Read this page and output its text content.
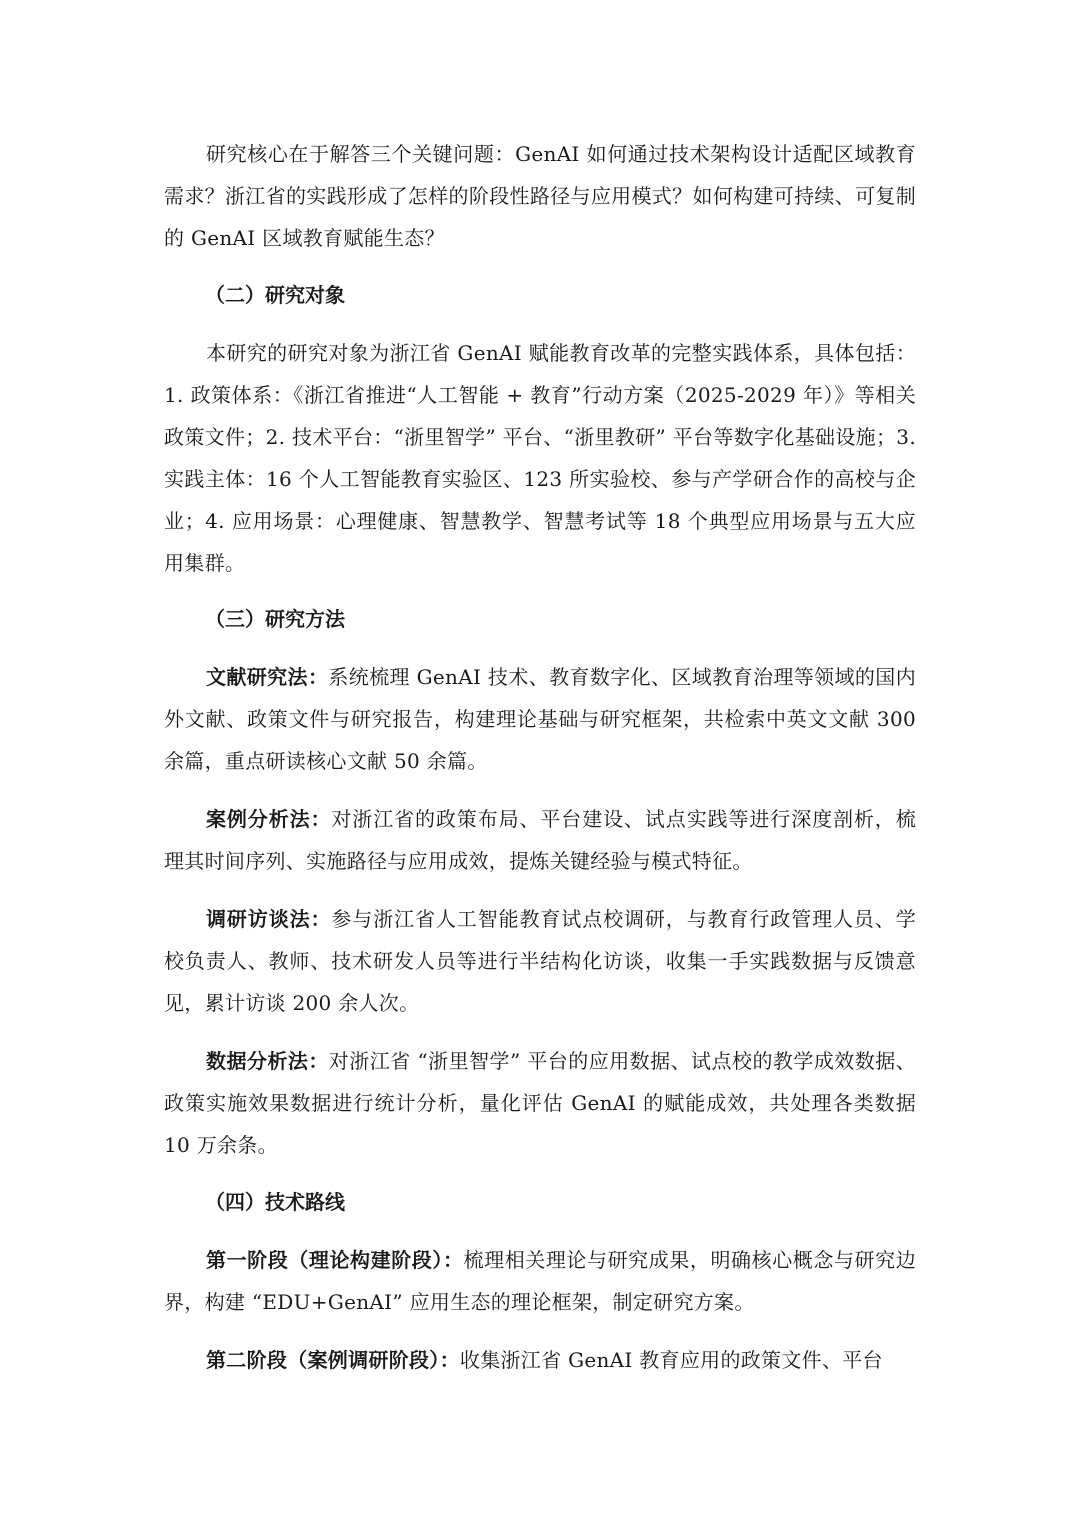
研究核心在于解答三个关键问题：GenAI 如何通过技术架构设计适配区域教育需求？浙江省的实践形成了怎样的阶段性路径与应用模式？如何构建可持续、可复制的 GenAI 区域教育赋能生态？

（二）研究对象

本研究的研究对象为浙江省 GenAI 赋能教育改革的完整实践体系，具体包括：1. 政策体系：《浙江省推进“人工智能 + 教育”行动方案（2025-2029 年）》等相关政策文件；2. 技术平台：“浙里智学” 平台、“浙里教研” 平台等数字化基础设施；3. 实践主体：16 个人工智能教育实验区、123 所实验校、参与产学研合作的高校与企业；4. 应用场景：心理健康、智慧教学、智慧考试等 18 个典型应用场景与五大应用集群。

（三）研究方法

文献研究法：系统梳理 GenAI 技术、教育数字化、区域教育治理等领域的国内外文献、政策文件与研究报告，构建理论基础与研究框架，共检索中英文文献 300 余篇，重点研读核心文献 50 余篇。

案例分析法：对浙江省的政策布局、平台建设、试点实践等进行深度剖析，梳理其时间序列、实施路径与应用成效，提炼关键经验与模式特征。

调研访谈法：参与浙江省人工智能教育试点校调研，与教育行政管理人员、学校负责人、教师、技术研发人员等进行半结构化访谈，收集一手实践数据与反馈意见，累计访谈 200 余人次。

数据分析法：对浙江省 “浙里智学” 平台的应用数据、试点校的教学成效数据、政策实施效果数据进行统计分析，量化评估 GenAI 的赋能成效，共处理各类数据 10 万余条。

（四）技术路线

第一阶段（理论构建阶段）：梳理相关理论与研究成果，明确核心概念与研究边界，构建 “EDU+GenAI” 应用生态的理论框架，制定研究方案。

第二阶段（案例调研阶段）：收集浙江省 GenAI 教育应用的政策文件、平台
